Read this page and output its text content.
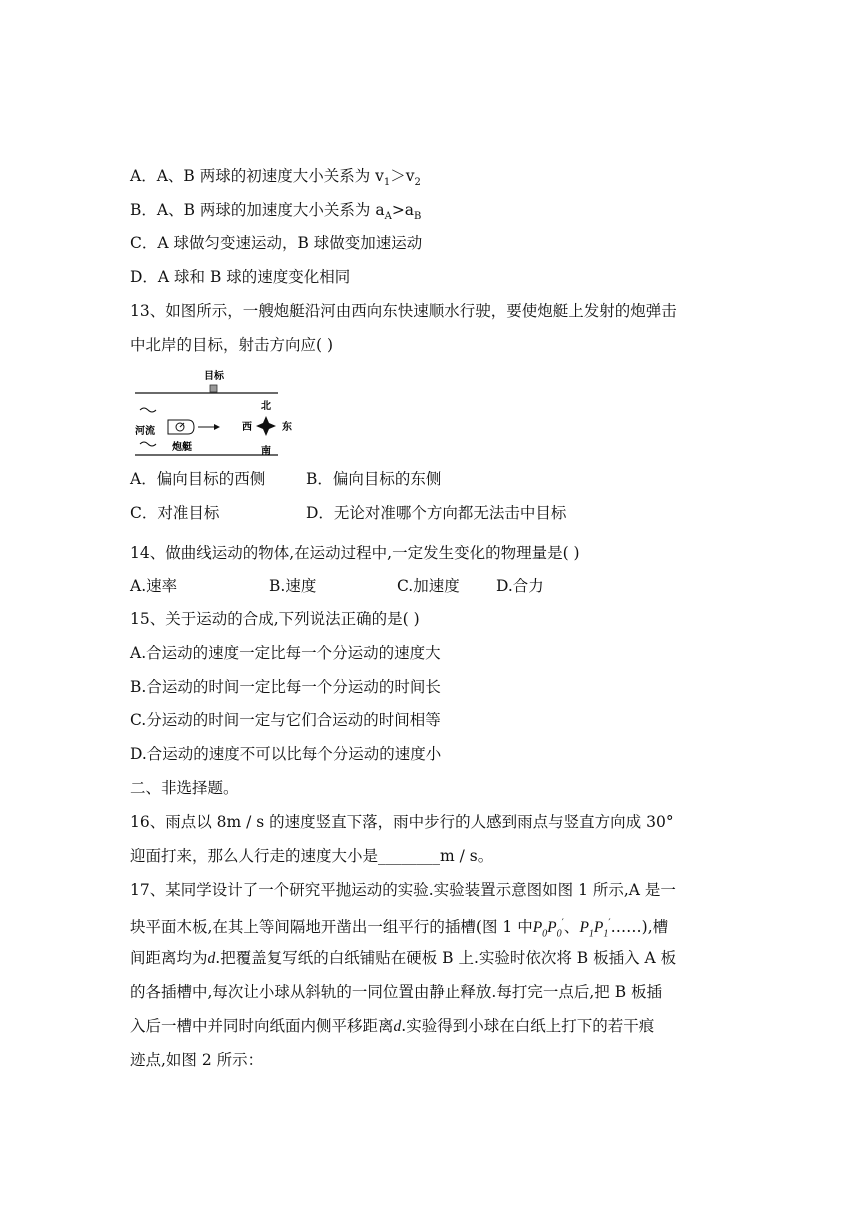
A．A、B 两球的初速度大小关系为 $v_1>v_2$
B．A、B 两球的加速度大小关系为 $a_A>a_B$
C．A 球做匀变速运动，B 球做变加速运动
D．A 球和 B 球的速度变化相同
13、如图所示，一艘炮艇沿河由西向东快速顺水行驶，要使炮艇上发射的炮弹击
中北岸的目标，射击方向应( )
目标
河流
炮艇
北
西	东
南
A．偏向目标的西侧	B．偏向目标的东侧
C．对准目标	D．无论对准哪个方向都无法击中目标
14、做曲线运动的物体,在运动过程中,一定发生变化的物理量是( )
A.速率	B.速度	C.加速度 D.合力
15、关于运动的合成,下列说法正确的是( )
A.合运动的速度一定比每一个分运动的速度大
B.合运动的时间一定比每一个分运动的时间长
C.分运动的时间一定与它们合运动的时间相等
D.合运动的速度不可以比每个分运动的速度小
二、非选择题。
16、雨点以 8m / s 的速度竖直下落，雨中步行的人感到雨点与竖直方向成 30°
迎面打来，那么人行走的速度大小是________m / s。
17、某同学设计了一个研究平抛运动的实验.实验装置示意图如图 1 所示,A 是一
块平面木板,在其上等间隔地开凿出一组平行的插槽(图 1 中$P_0P_0'$、$P_1P_1'\dots\dots$),槽
间距离均为d.把覆盖复写纸的白纸铺贴在硬板 B 上.实验时依次将 B 板插入 A 板
的各插槽中,每次让小球从斜轨的一同位置由静止释放.每打完一点后,把 B 板插
入后一槽中并同时向纸面内侧平移距离d.实验得到小球在白纸上打下的若干痕
迹点,如图 2 所示：
